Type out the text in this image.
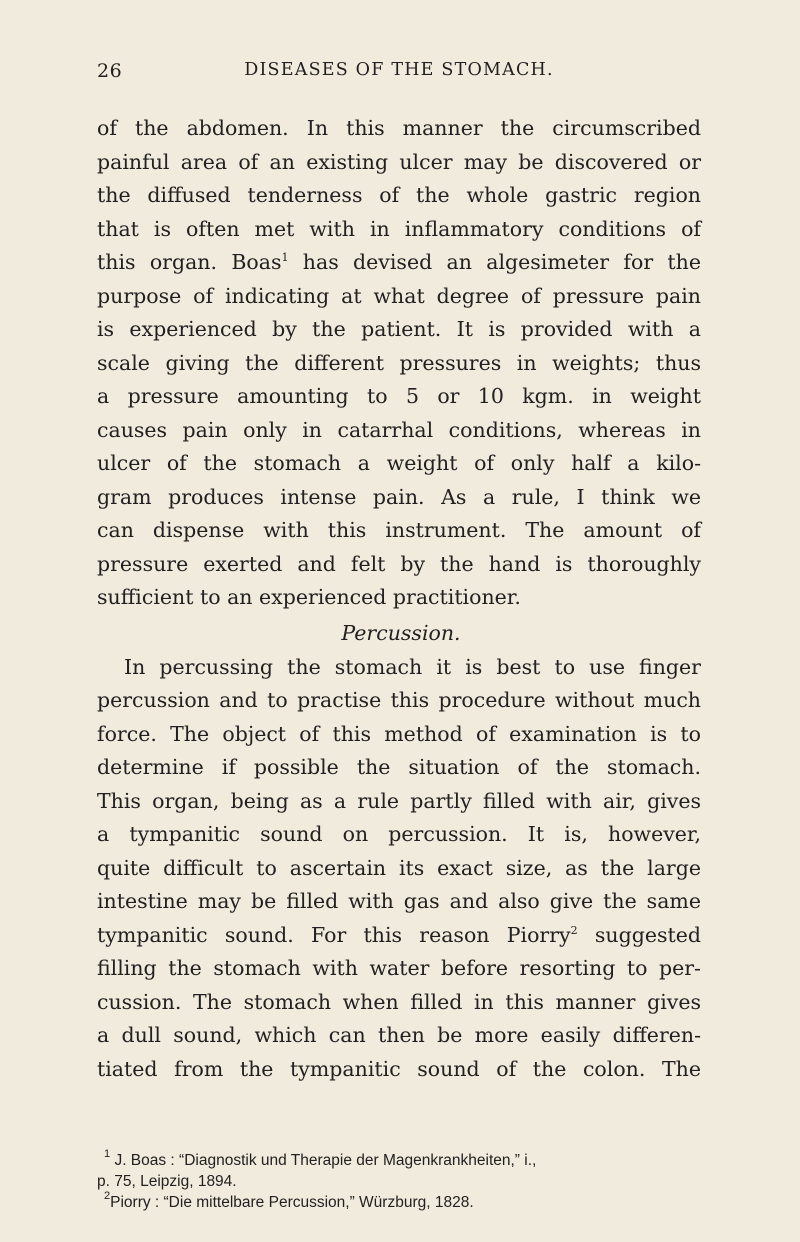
26	DISEASES OF THE STOMACH.
of the abdomen. In this manner the circumscribed
painful area of an existing ulcer may be discovered or
the diffused tenderness of the whole gastric region
that is often met with in inflammatory conditions of
this organ. Boas$^1$ has devised an algesimeter for the
purpose of indicating at what degree of pressure pain
is experienced by the patient. It is provided with a
scale giving the different pressures in weights; thus
a pressure amounting to 5 or 10 kgm. in weight
causes pain only in catarrhal conditions, whereas in
ulcer of the stomach a weight of only half a kilo-
gram produces intense pain. As a rule, I think we
can dispense with this instrument. The amount of
pressure exerted and felt by the hand is thoroughly
sufficient to an experienced practitioner.
Percussion.
In percussing the stomach it is best to use finger
percussion and to practise this procedure without much
force. The object of this method of examination is to
determine if possible the situation of the stomach.
This organ, being as a rule partly filled with air, gives
a tympanitic sound on percussion. It is, however,
quite difficult to ascertain its exact size, as the large
intestine may be filled with gas and also give the same
tympanitic sound. For this reason Piorry$^2$ suggested
filling the stomach with water before resorting to per-
cussion. The stomach when filled in this manner gives
a dull sound, which can then be more easily differen-
tiated from the tympanitic sound of the colon. The
$^1$ J. Boas : “Diagnostik und Therapie der Magenkrankheiten,” i.,
p. 75, Leipzig, 1894.
$^2$Piorry : “Die mittelbare Percussion,” Würzburg, 1828.
